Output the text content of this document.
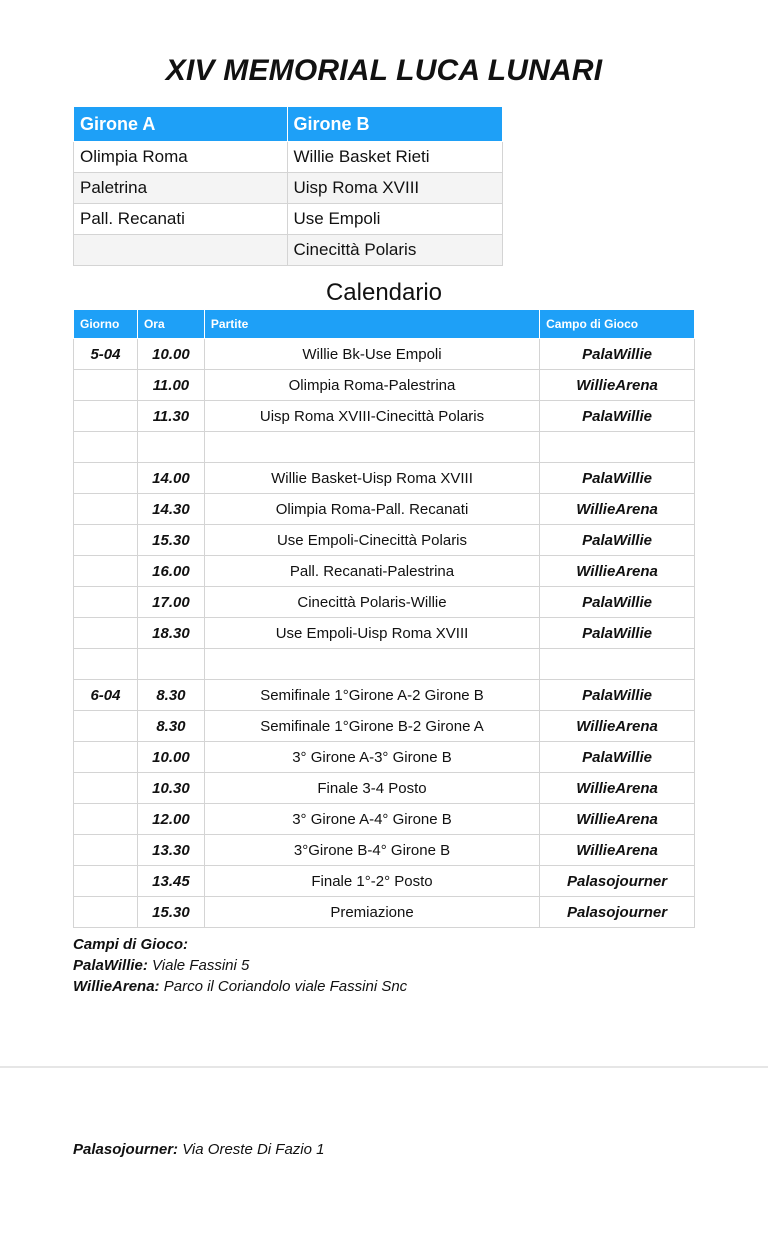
XIV MEMORIAL LUCA LUNARI
Girone A	Girone B
Olimpia Roma	Willie Basket Rieti
Paletrina	Uisp Roma XVIII
Pall. Recanati	Use Empoli
	Cinecittà Polaris
Calendario
Giorno	Ora	Partite	Campo di Gioco
5-04	10.00	Willie Bk-Use Empoli	PalaWillie
	11.00	Olimpia Roma-Palestrina	WillieArena
	11.30	Uisp Roma XVIII-Cinecittà Polaris	PalaWillie

	14.00	Willie Basket-Uisp Roma XVIII	PalaWillie
	14.30	Olimpia Roma-Pall. Recanati	WillieArena
	15.30	Use Empoli-Cinecittà Polaris	PalaWillie
	16.00	Pall. Recanati-Palestrina	WillieArena
	17.00	Cinecittà Polaris-Willie	PalaWillie
	18.30	Use Empoli-Uisp Roma XVIII	PalaWillie

6-04	8.30	Semifinale 1°Girone A-2 Girone B	PalaWillie
	8.30	Semifinale 1°Girone B-2 Girone A	WillieArena
	10.00	3° Girone A-3° Girone B	PalaWillie
	10.30	Finale 3-4 Posto	WillieArena
	12.00	3° Girone A-4° Girone B	WillieArena
	13.30	3°Girone B-4° Girone B	WillieArena
	13.45	Finale 1°-2° Posto	Palasojourner
	15.30	Premiazione	Palasojourner
Campi di Gioco:
PalaWillie: Viale Fassini 5
WillieArena: Parco il Coriandolo viale Fassini Snc
Palasojourner: Via Oreste Di Fazio 1
